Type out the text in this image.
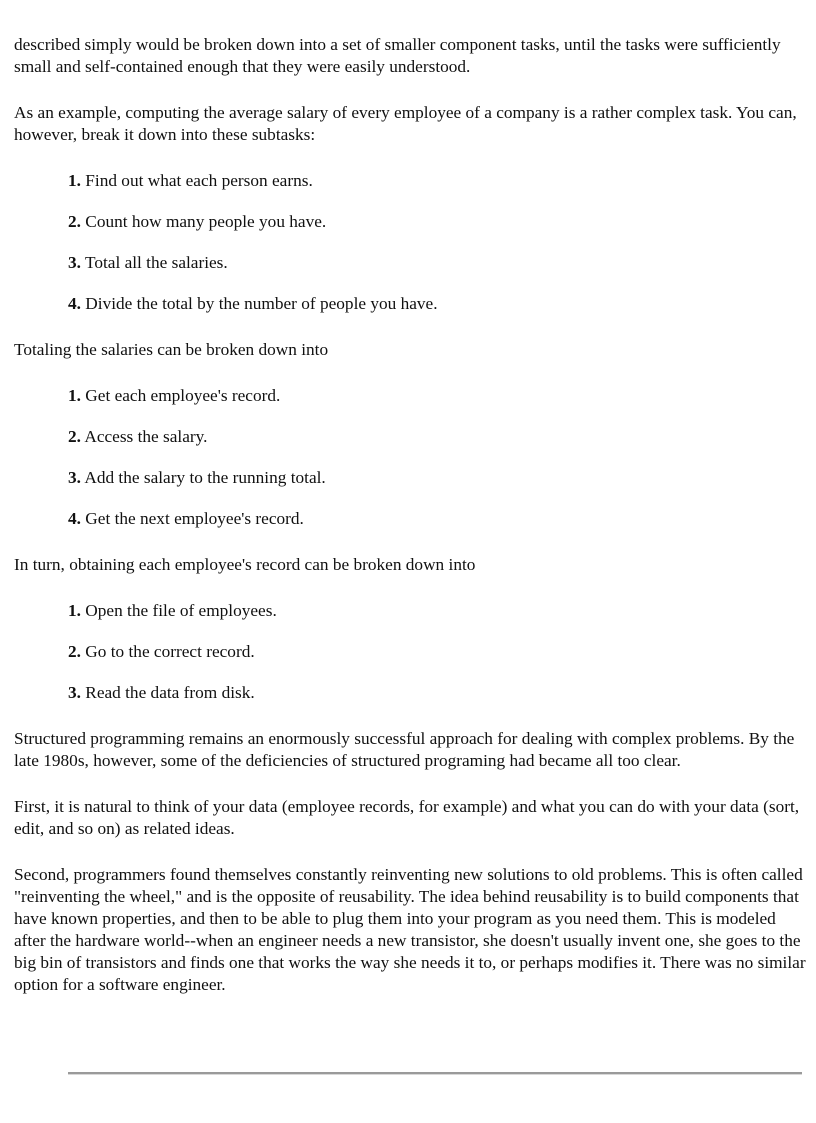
described simply would be broken down into a set of smaller component tasks, until the tasks were sufficiently small and self-contained enough that they were easily understood.

As an example, computing the average salary of every employee of a company is a rather complex task. You can, however, break it down into these subtasks:

1. Find out what each person earns.
2. Count how many people you have.
3. Total all the salaries.
4. Divide the total by the number of people you have.

Totaling the salaries can be broken down into

1. Get each employee's record.
2. Access the salary.
3. Add the salary to the running total.
4. Get the next employee's record.

In turn, obtaining each employee's record can be broken down into

1. Open the file of employees.
2. Go to the correct record.
3. Read the data from disk.

Structured programming remains an enormously successful approach for dealing with complex problems. By the late 1980s, however, some of the deficiencies of structured programing had became all too clear.

First, it is natural to think of your data (employee records, for example) and what you can do with your data (sort, edit, and so on) as related ideas.

Second, programmers found themselves constantly reinventing new solutions to old problems. This is often called "reinventing the wheel," and is the opposite of reusability. The idea behind reusability is to build components that have known properties, and then to be able to plug them into your program as you need them. This is modeled after the hardware world--when an engineer needs a new transistor, she doesn't usually invent one, she goes to the big bin of transistors and finds one that works the way she needs it to, or perhaps modifies it. There was no similar option for a software engineer.
